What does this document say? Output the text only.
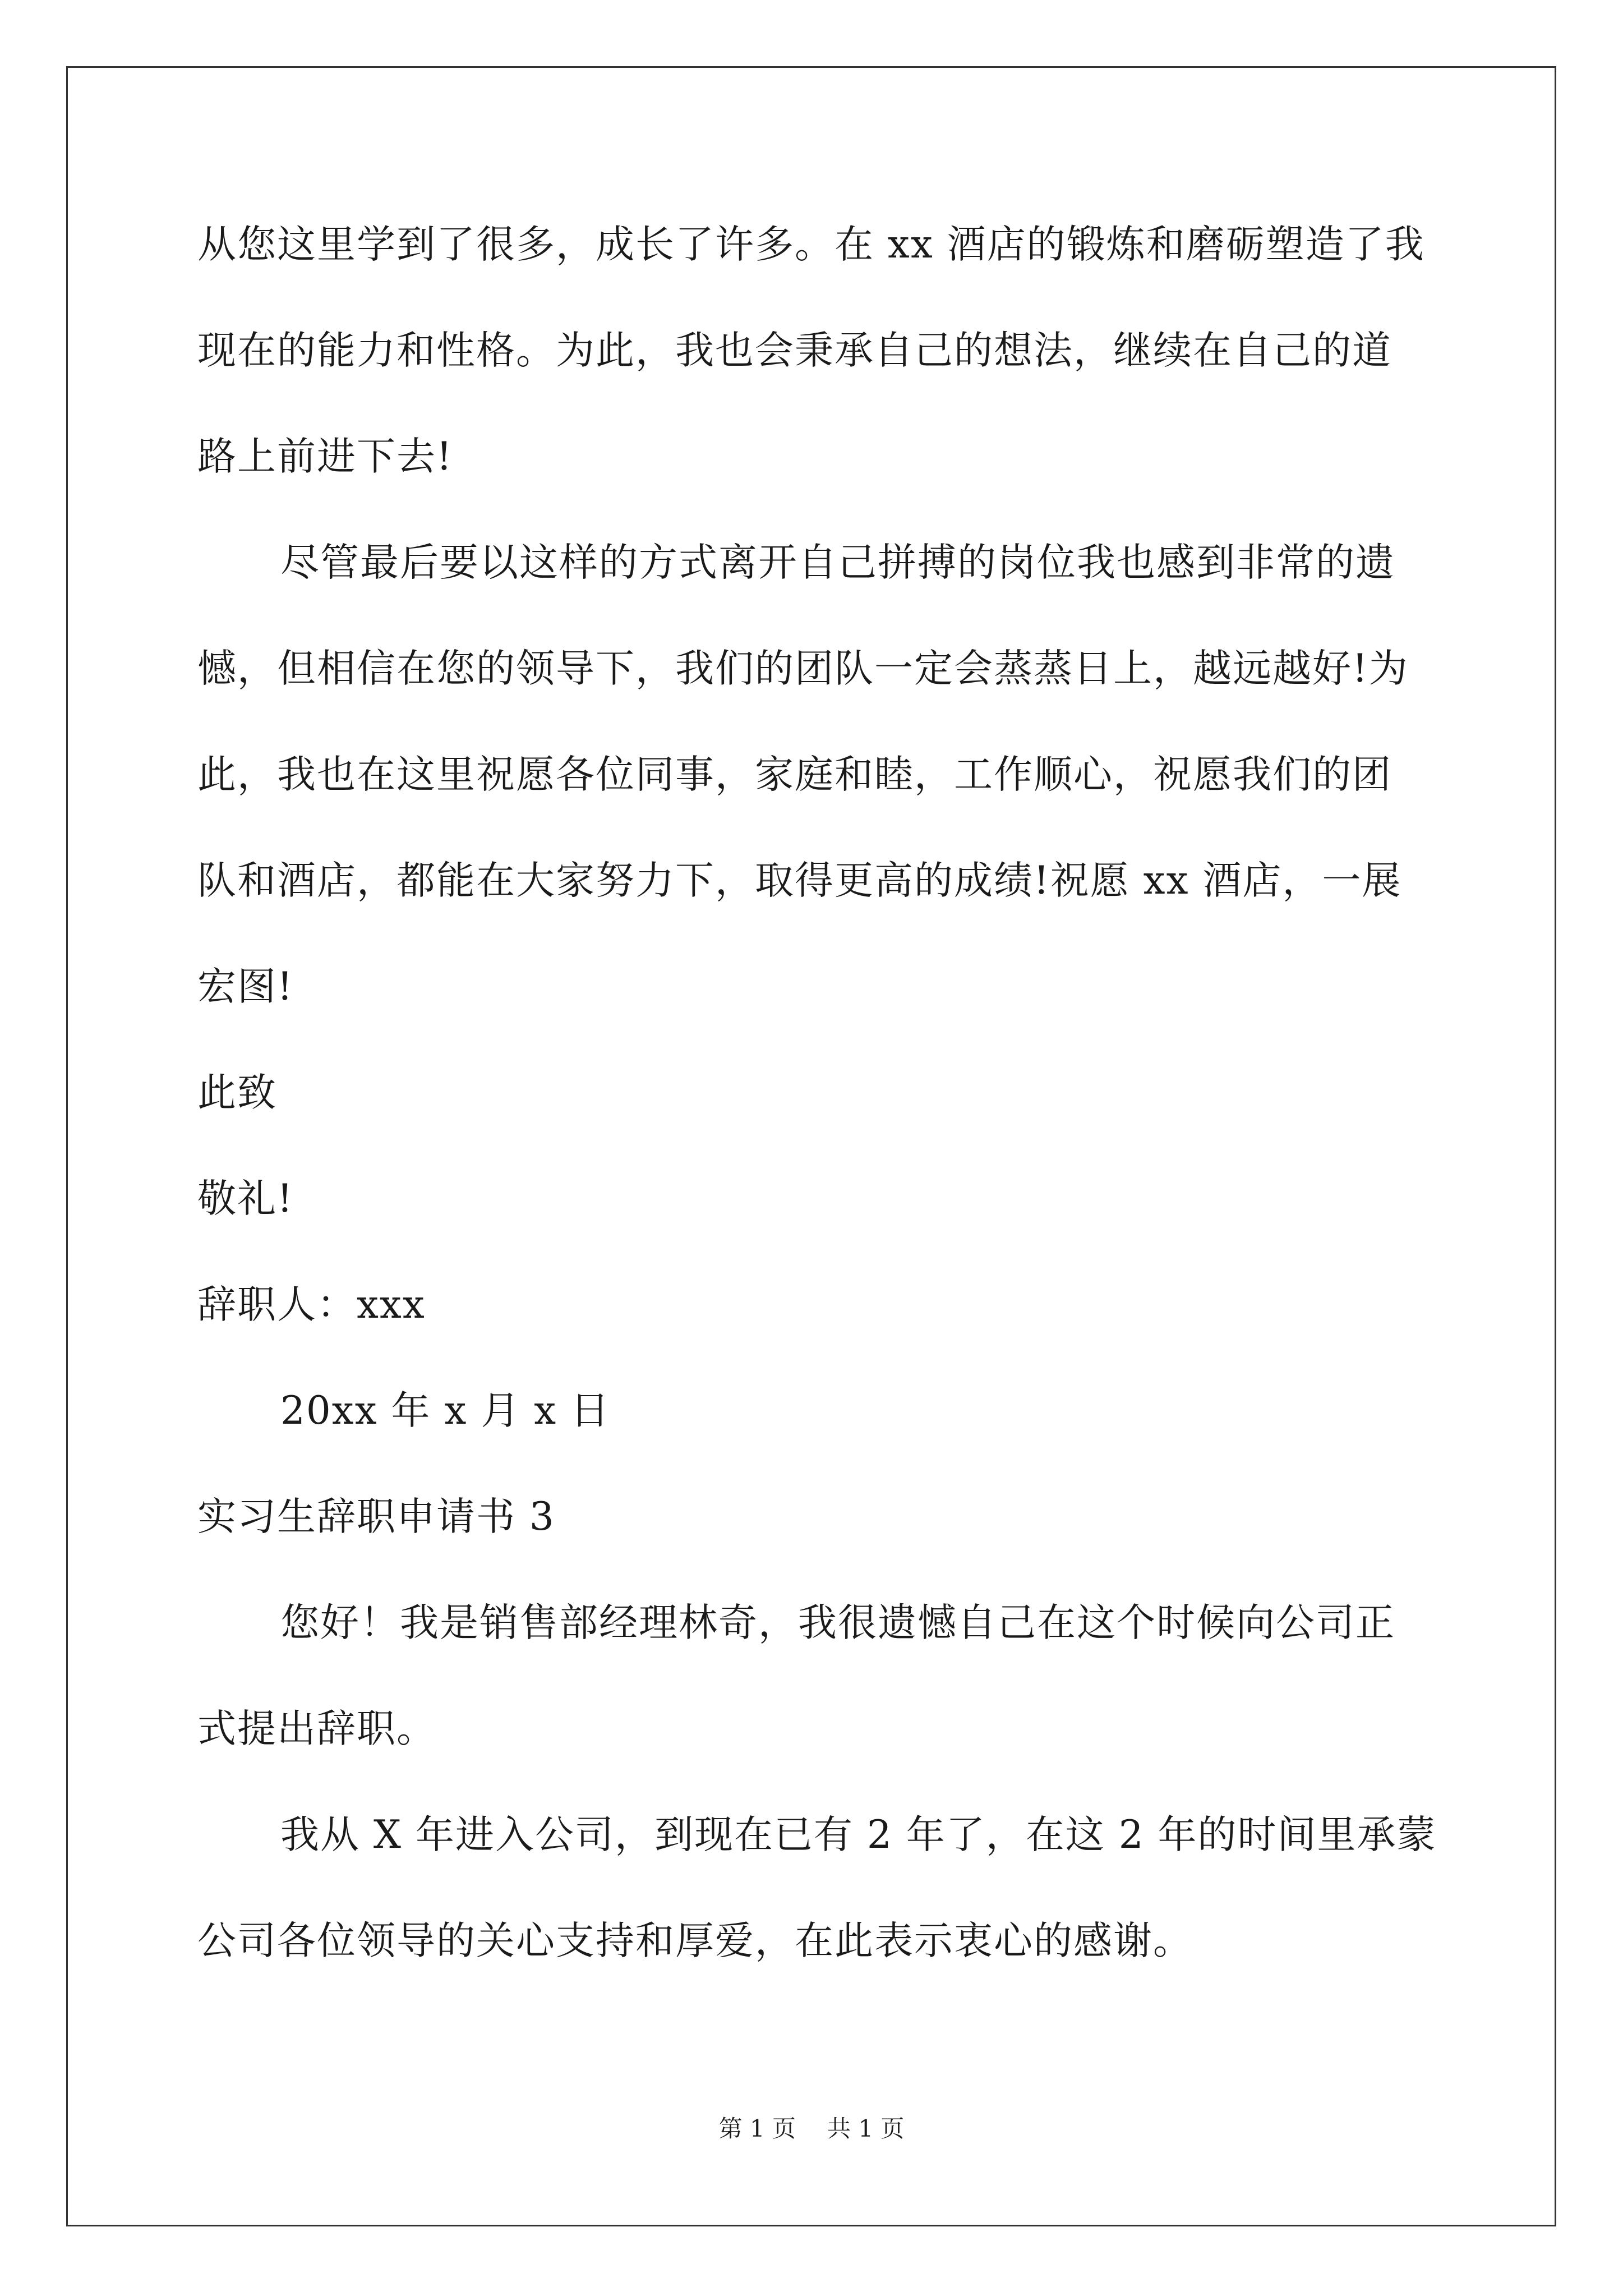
从您这里学到了很多，成长了许多。在 xx 酒店的锻炼和磨砺塑造了我
现在的能力和性格。为此，我也会秉承自己的想法，继续在自己的道
路上前进下去!
尽管最后要以这样的方式离开自己拼搏的岗位我也感到非常的遗
憾，但相信在您的领导下，我们的团队一定会蒸蒸日上，越远越好!为
此，我也在这里祝愿各位同事，家庭和睦，工作顺心，祝愿我们的团
队和酒店，都能在大家努力下，取得更高的成绩!祝愿 xx 酒店，一展
宏图!
此致
敬礼!
辞职人：xxx
20xx 年 x 月 x 日
实习生辞职申请书 3
您好！我是销售部经理林奇，我很遗憾自己在这个时候向公司正
式提出辞职。
我从 X 年进入公司，到现在已有 2 年了，在这 2 年的时间里承蒙
公司各位领导的关心支持和厚爱，在此表示衷心的感谢。
第 1 页 共 1 页
